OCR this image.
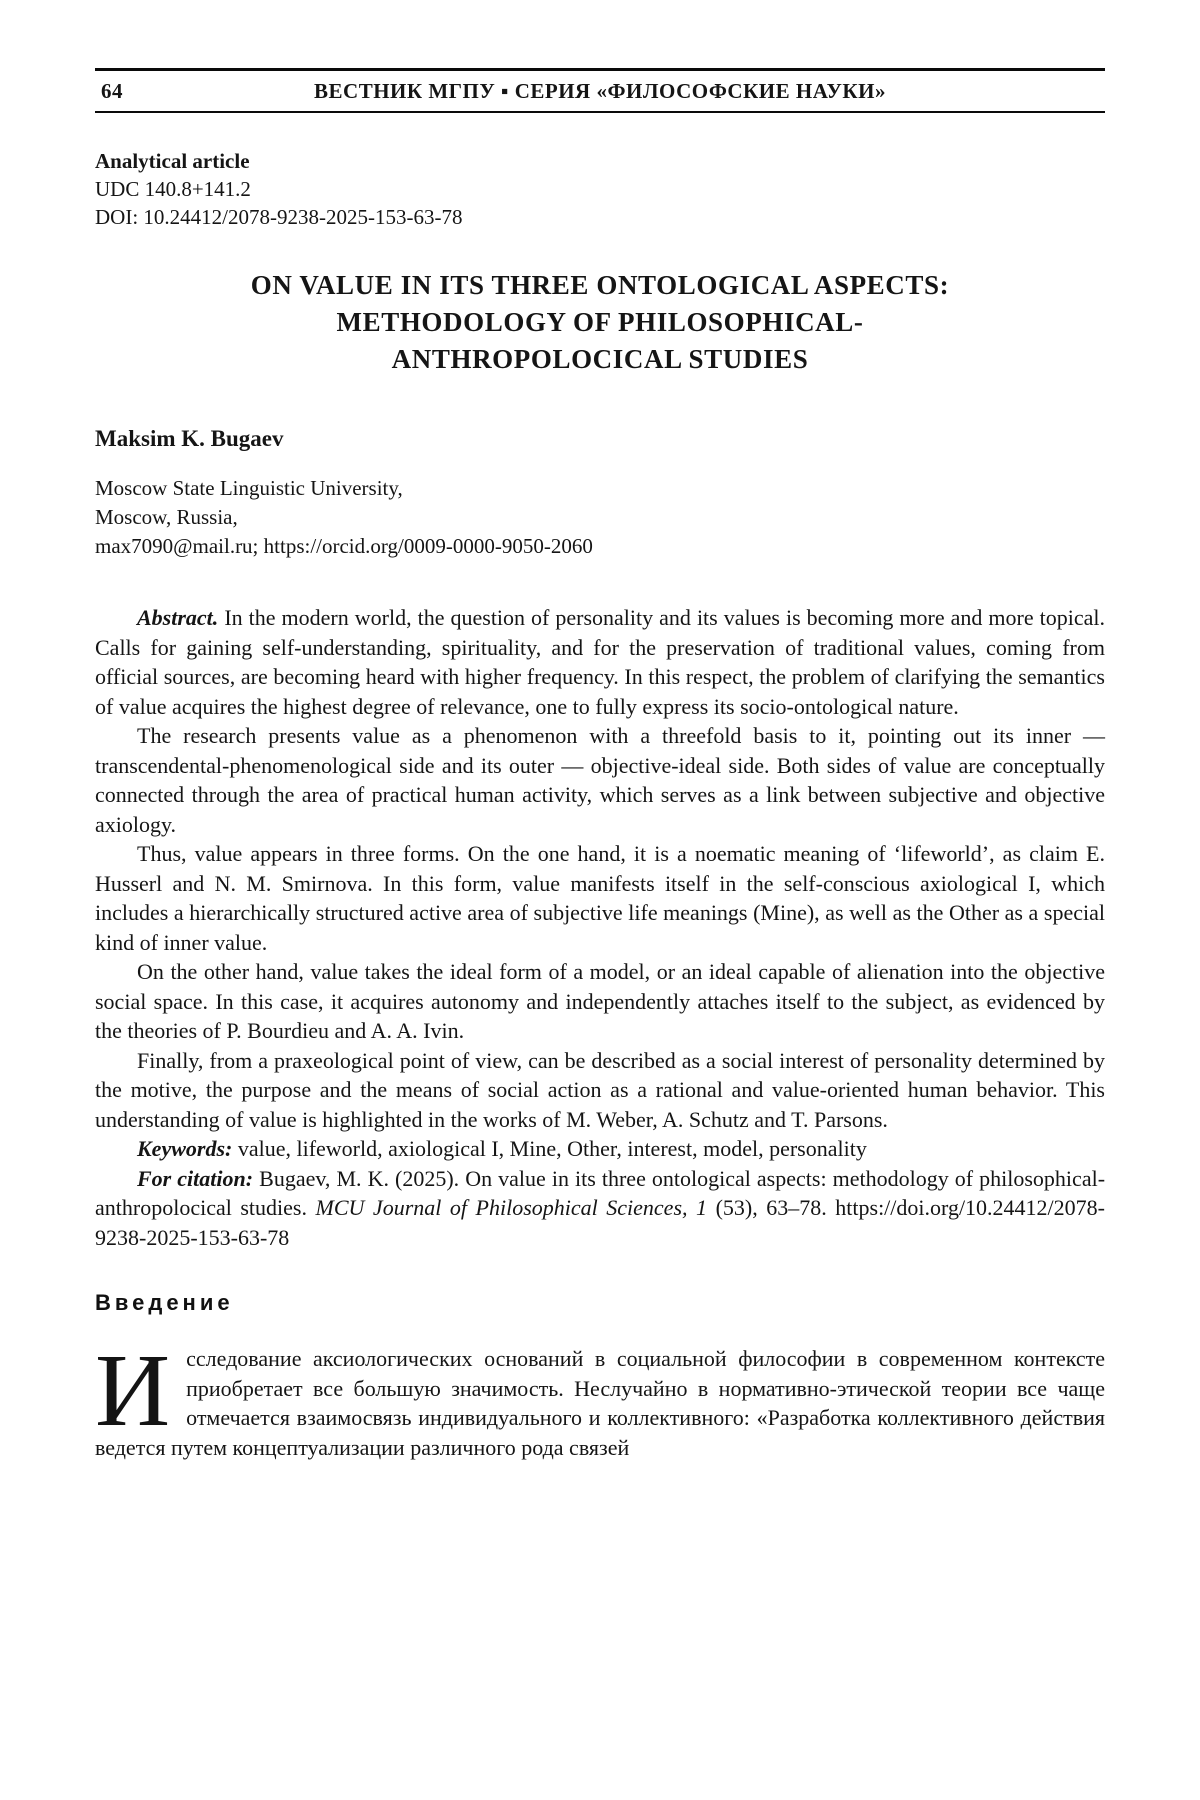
64	ВЕСТНИК МГПУ ▪ СЕРИЯ «ФИЛОСОФСКИЕ НАУКИ»
Analytical article
UDC 140.8+141.2
DOI: 10.24412/2078-9238-2025-153-63-78
ON VALUE IN ITS THREE ONTOLOGICAL ASPECTS:
METHODOLOGY OF PHILOSOPHICAL-
ANTHROPOLOCICAL STUDIES
Maksim K. Bugaev
Moscow State Linguistic University,
Moscow, Russia,
max7090@mail.ru; https://orcid.org/0009-0000-9050-2060

Abstract. In the modern world, the question of personality and its values is becoming more and more topical. Calls for gaining self-understanding, spirituality, and for the preservation of traditional values, coming from official sources, are becoming heard with higher frequency. In this respect, the problem of clarifying the semantics of value acquires the highest degree of relevance, one to fully express its socio-ontological nature.

The research presents value as a phenomenon with a threefold basis to it, pointing out its inner — transcendental-phenomenological side and its outer — objective-ideal side. Both sides of value are conceptually connected through the area of practical human activity, which serves as a link between subjective and objective axiology.

Thus, value appears in three forms. On the one hand, it is a noematic meaning of ‘lifeworld’, as claim E. Husserl and N. M. Smirnova. In this form, value manifests itself in the self-conscious axiological I, which includes a hierarchically structured active area of subjective life meanings (Mine), as well as the Other as a special kind of inner value.

On the other hand, value takes the ideal form of a model, or an ideal capable of alienation into the objective social space. In this case, it acquires autonomy and independently attaches itself to the subject, as evidenced by the theories of P. Bourdieu and A. A. Ivin.

Finally, from a praxeological point of view, can be described as a social interest of personality determined by the motive, the purpose and the means of social action as a rational and value-oriented human behavior. This understanding of value is highlighted in the works of M. Weber, A. Schutz and T. Parsons.

Keywords: value, lifeworld, axiological I, Mine, Other, interest, model, personality

For citation: Bugaev, M. K. (2025). On value in its three ontological aspects: methodology of philosophical-anthropolocical studies. MCU Journal of Philosophical Sciences, 1 (53), 63–78. https://doi.org/10.24412/2078-9238-2025-153-63-78

Введение

Исследование аксиологических оснований в социальной философии в современном контексте приобретает все большую значимость. Неслучайно в нормативно-этической теории все чаще отмечается взаимосвязь индивидуального и коллективного: «Разработка коллективного действия ведется путем концептуализации различного рода связей
